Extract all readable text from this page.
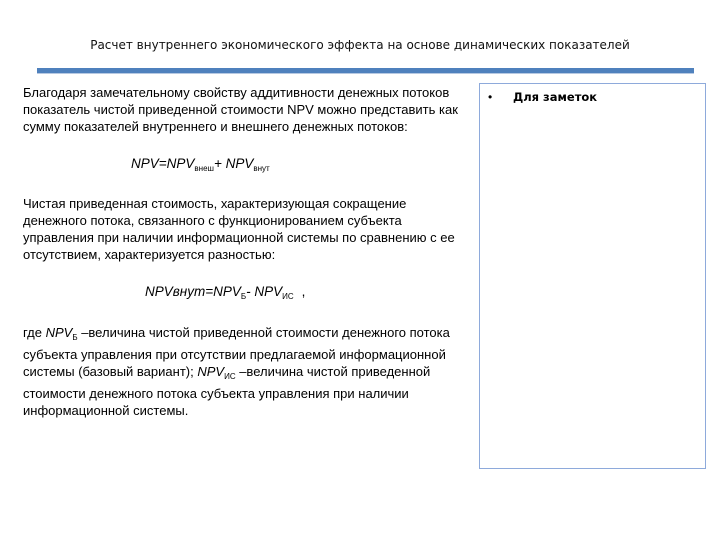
Расчет внутреннего экономического эффекта на основе динамических показателей

Благодаря замечательному свойству аддитивности денежных потоков показатель чистой приведенной стоимости NPV можно представить как сумму показателей внутреннего и внешнего денежных потоков:

$NPV=NPV_{внеш}+ NPV_{внут}$

Чистая приведенная стоимость, характеризующая сокращение денежного потока, связанного с функционированием субъекта управления при наличии информационной системы по сравнению с ее отсутствием, характеризуется разностью:

$NPVвнут=NPV_Б-$ $NPV_{ИС}$ ,

где $NPV_Б$ –величина чистой приведенной стоимости денежного потока субъекта управления при отсутствии предлагаемой информационной системы (базовый вариант); $NPV_{ИС}$ –величина чистой приведенной стоимости денежного потока субъекта управления при наличии информационной системы.

• Для заметок
